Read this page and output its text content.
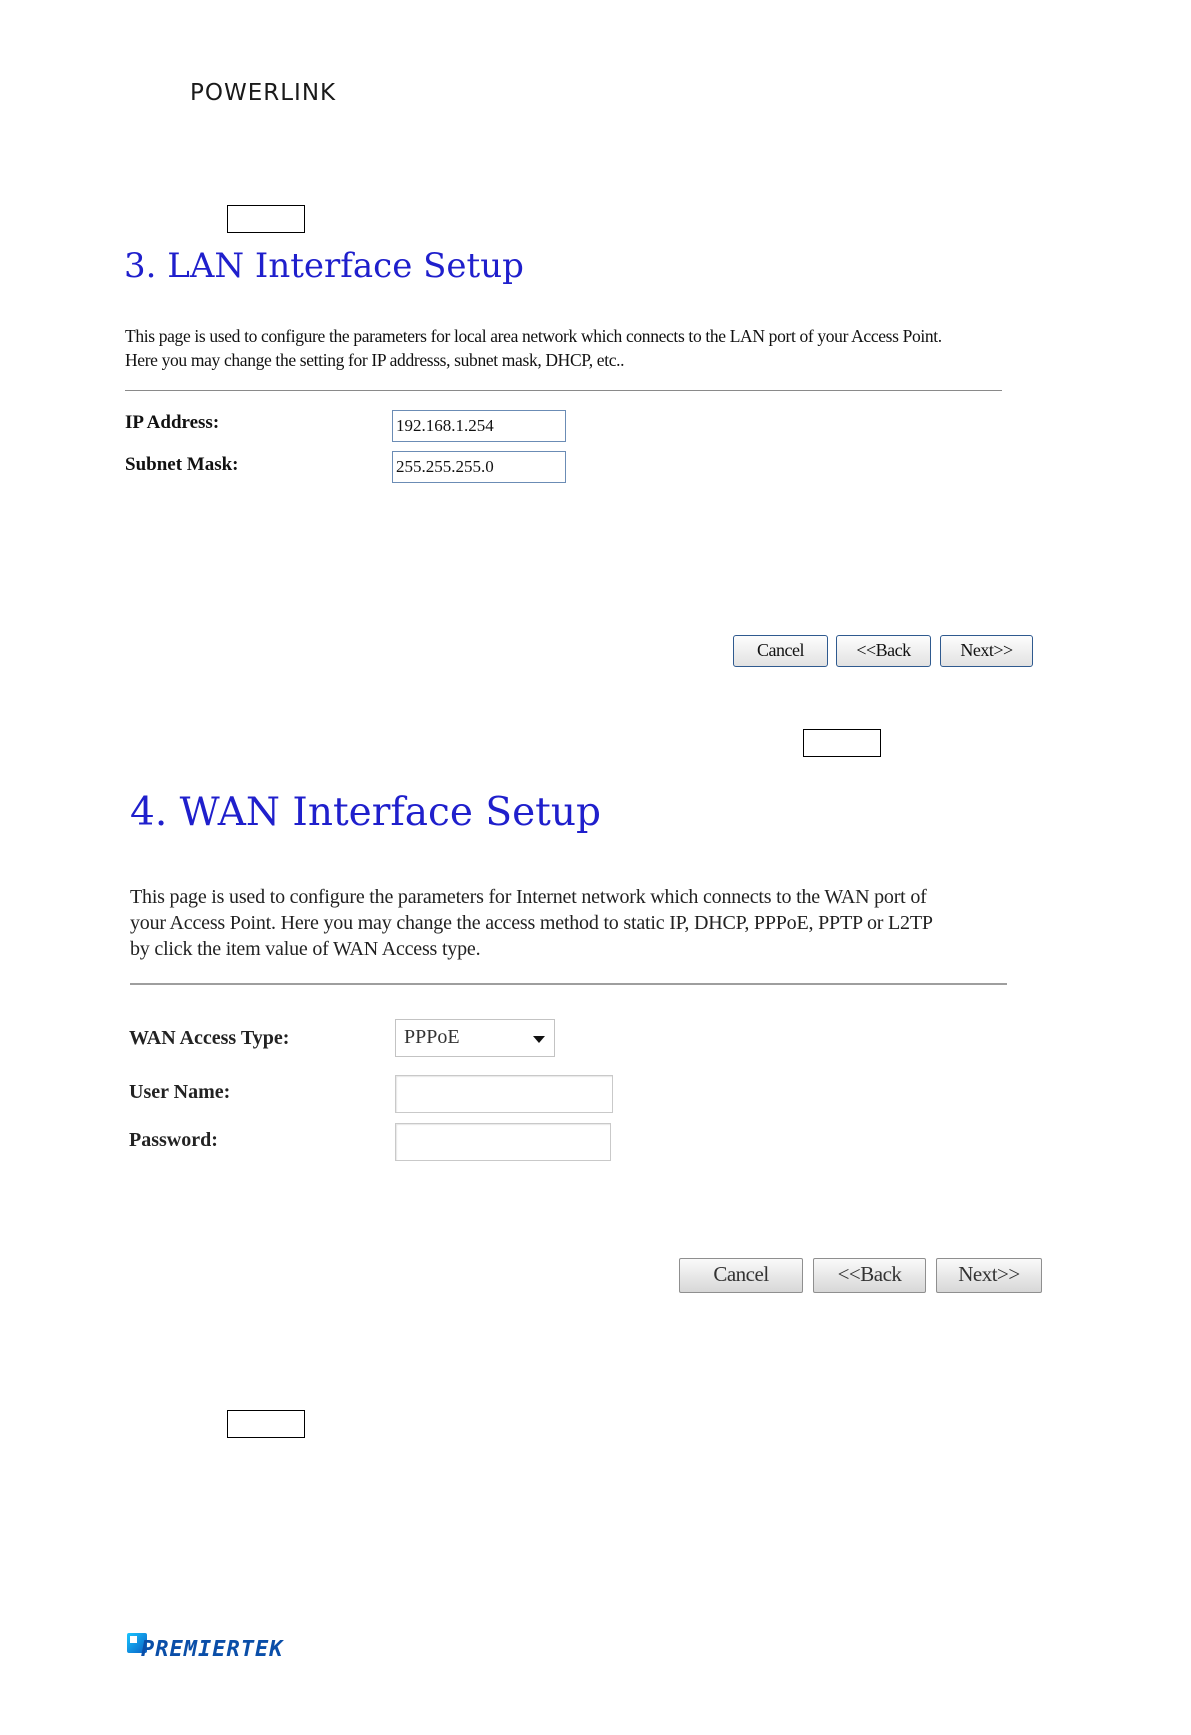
POWERLINK
3. LAN Interface Setup
This page is used to configure the parameters for local area network which connects to the LAN port of your Access Point.
Here you may change the setting for IP addresss, subnet mask, DHCP, etc..
IP Address:
192.168.1.254
Subnet Mask:
255.255.255.0
Cancel	<<Back	Next>>
4. WAN Interface Setup
This page is used to configure the parameters for Internet network which connects to the WAN port of
your Access Point. Here you may change the access method to static IP, DHCP, PPPoE, PPTP or L2TP
by click the item value of WAN Access type.
WAN Access Type:	PPPoE
User Name:
Password:
Cancel	<<Back	Next>>
PREMIERTEK
